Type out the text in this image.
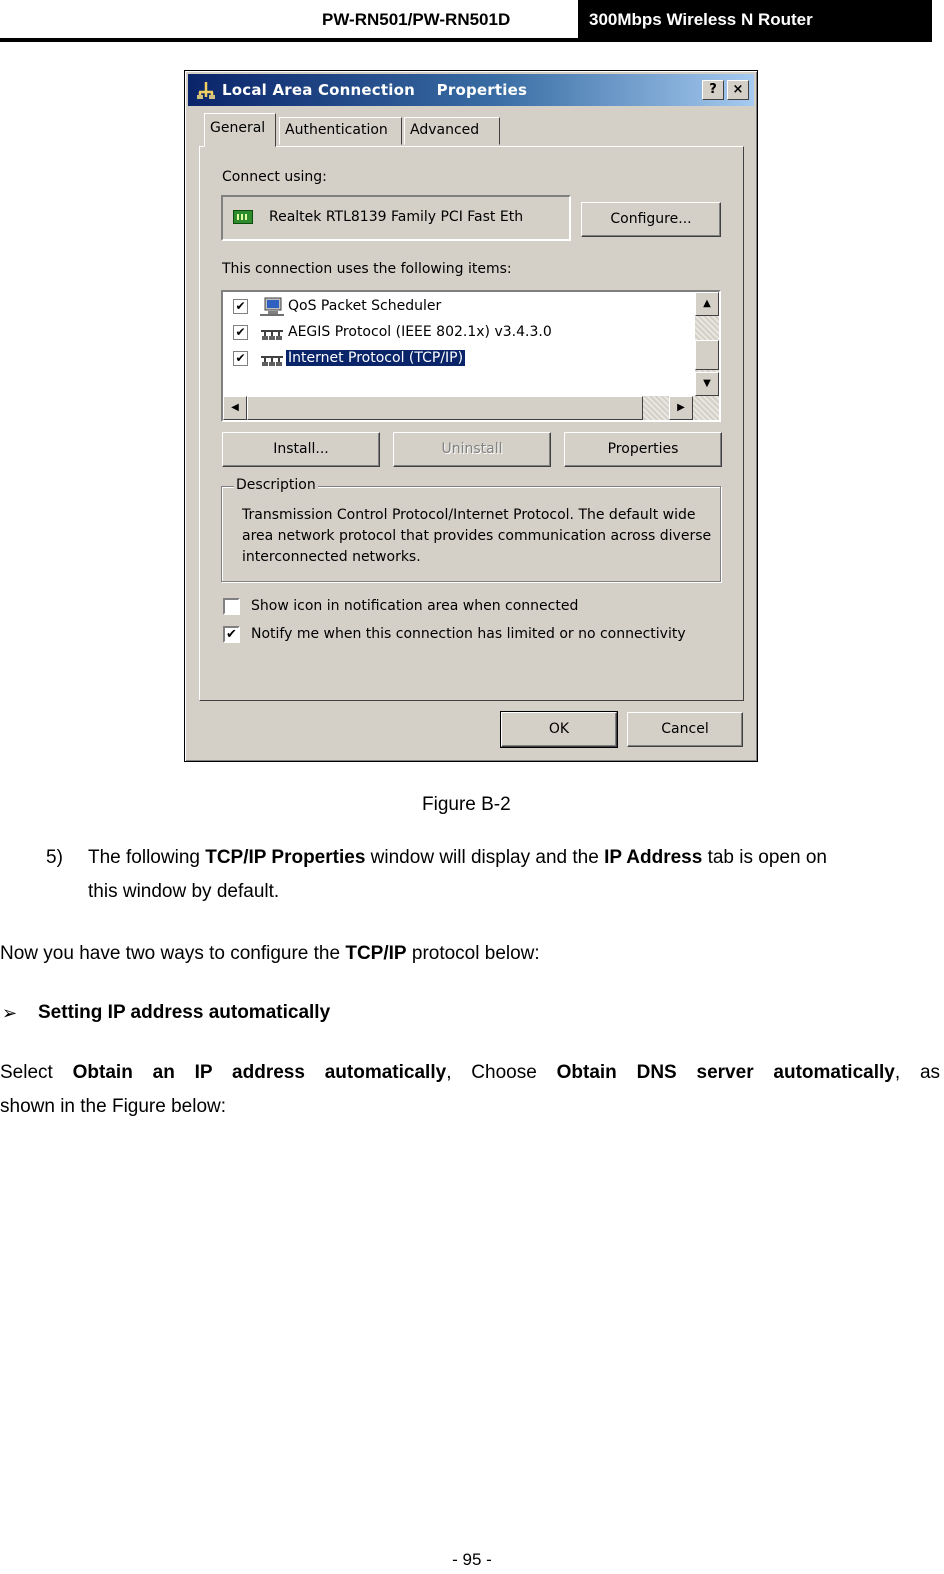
PW-RN501/PW-RN501D	300Mbps Wireless N Router
Local Area Connection    Properties	?	×
General	Authentication	Advanced
Connect using:
Realtek RTL8139 Family PCI Fast Eth	Configure...
This connection uses the following items:
✔	QoS Packet Scheduler
✔	AEGIS Protocol (IEEE 802.1x) v3.4.3.0
✔	Internet Protocol (TCP/IP)
▲
▼
◀	▶
Install...	Uninstall	Properties
Description
Transmission Control Protocol/Internet Protocol. The default wide area network protocol that provides communication across diverse interconnected networks.
Show icon in notification area when connected
✔ Notify me when this connection has limited or no connectivity
OK	Cancel
Figure B-2
5) The following TCP/IP Properties window will display and the IP Address tab is open on
this window by default.
Now you have two ways to configure the TCP/IP protocol below:
➢ Setting IP address automatically
Select Obtain an IP address automatically, Choose Obtain DNS server automatically, as
shown in the Figure below:
- 95 -
